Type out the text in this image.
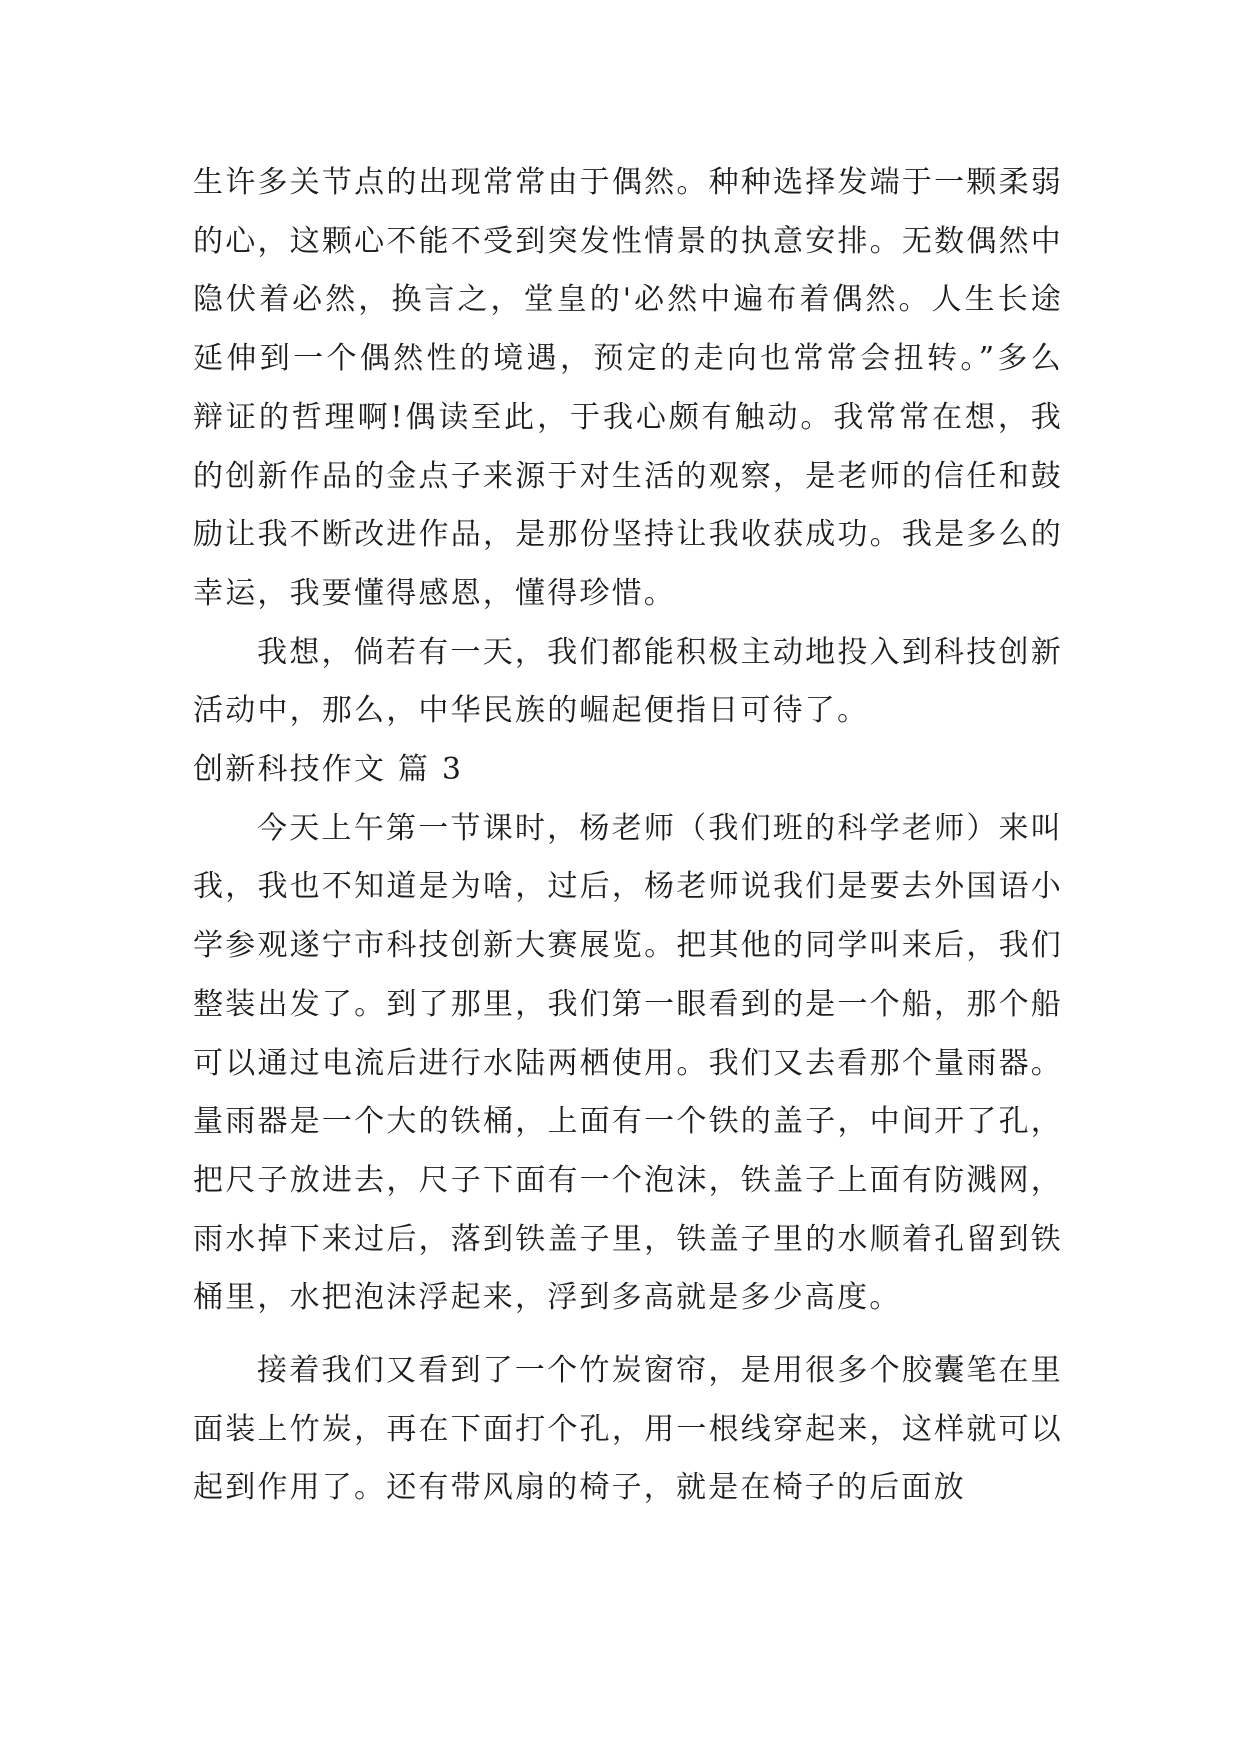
生许多关节点的出现常常由于偶然。种种选择发端于一颗柔弱的心，这颗心不能不受到突发性情景的执意安排。无数偶然中隐伏着必然，换言之，堂皇的'必然中遍布着偶然。人生长途延伸到一个偶然性的境遇，预定的走向也常常会扭转。”多么辩证的哲理啊!偶读至此，于我心颇有触动。我常常在想，我的创新作品的金点子来源于对生活的观察，是老师的信任和鼓励让我不断改进作品，是那份坚持让我收获成功。我是多么的幸运，我要懂得感恩，懂得珍惜。

我想，倘若有一天，我们都能积极主动地投入到科技创新活动中，那么，中华民族的崛起便指日可待了。

创新科技作文 篇 3

今天上午第一节课时，杨老师（我们班的科学老师）来叫我，我也不知道是为啥，过后，杨老师说我们是要去外国语小学参观遂宁市科技创新大赛展览。把其他的同学叫来后，我们整装出发了。到了那里，我们第一眼看到的是一个船，那个船可以通过电流后进行水陆两栖使用。我们又去看那个量雨器。量雨器是一个大的铁桶，上面有一个铁的盖子，中间开了孔，把尺子放进去，尺子下面有一个泡沫，铁盖子上面有防溅网，雨水掉下来过后，落到铁盖子里，铁盖子里的水顺着孔留到铁桶里，水把泡沫浮起来，浮到多高就是多少高度。

接着我们又看到了一个竹炭窗帘，是用很多个胶囊笔在里面装上竹炭，再在下面打个孔，用一根线穿起来，这样就可以起到作用了。还有带风扇的椅子，就是在椅子的后面放
